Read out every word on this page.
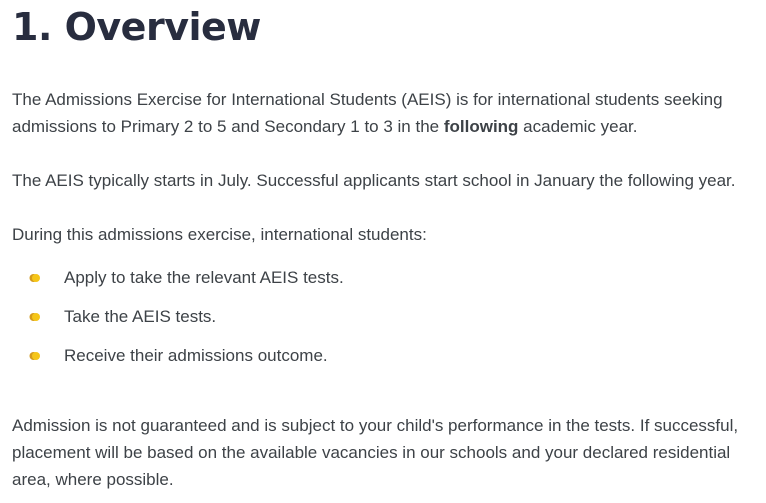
1. Overview

The Admissions Exercise for International Students (AEIS) is for international students seeking admissions to Primary 2 to 5 and Secondary 1 to 3 in the following academic year.

The AEIS typically starts in July. Successful applicants start school in January the following year.

During this admissions exercise, international students:

Apply to take the relevant AEIS tests.
Take the AEIS tests.
Receive their admissions outcome.

Admission is not guaranteed and is subject to your child's performance in the tests. If successful, placement will be based on the available vacancies in our schools and your declared residential area, where possible.
